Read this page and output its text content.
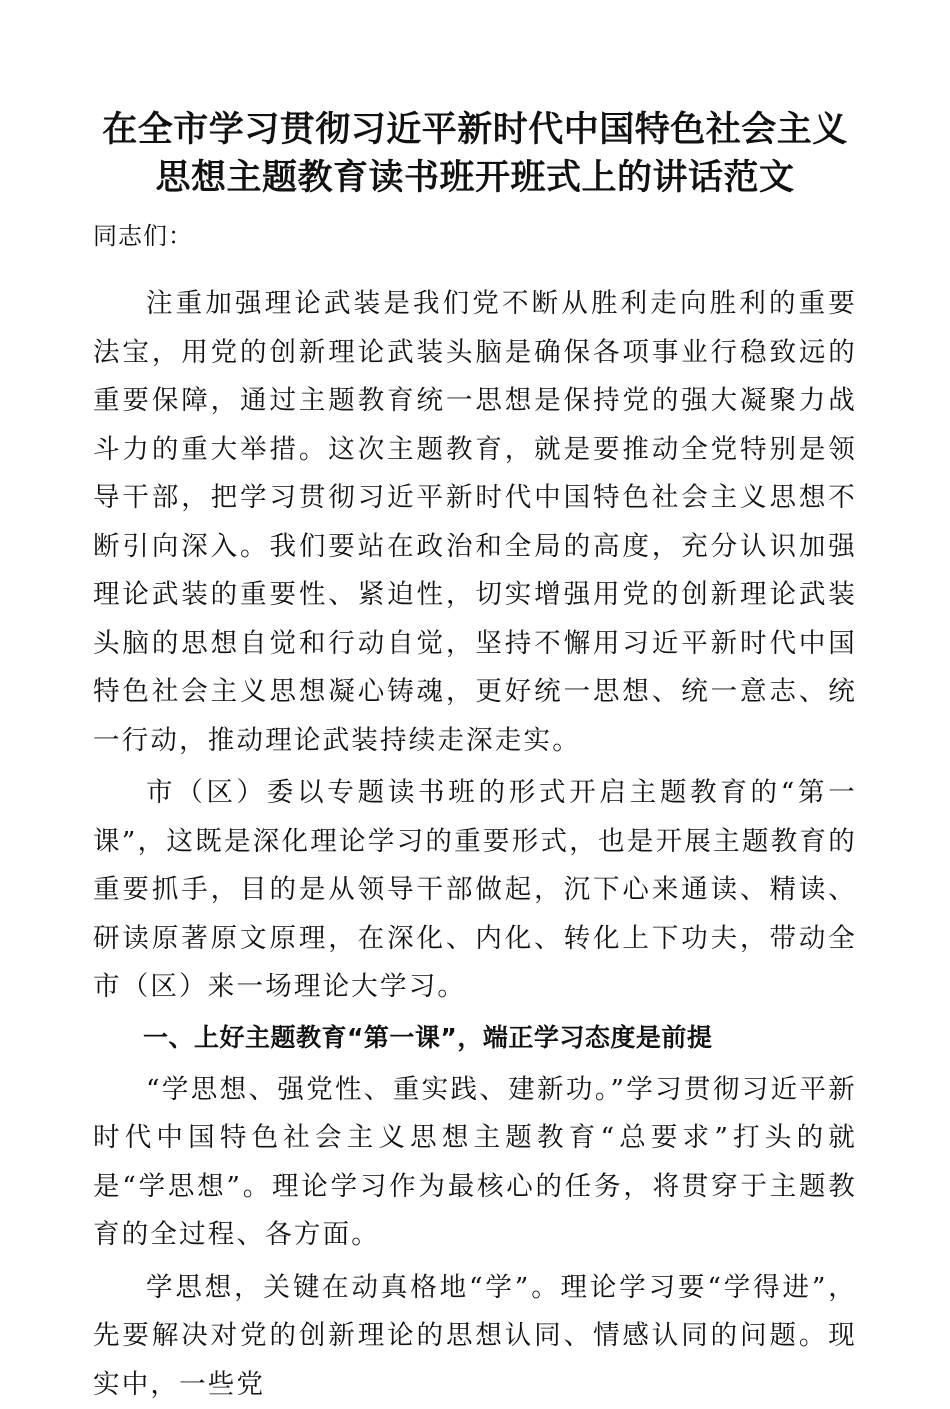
在全市学习贯彻习近平新时代中国特色社会主义
思想主题教育读书班开班式上的讲话范文

同志们：

注重加强理论武装是我们党不断从胜利走向胜利的重要法宝，用党的创新理论武装头脑是确保各项事业行稳致远的重要保障，通过主题教育统一思想是保持党的强大凝聚力战斗力的重大举措。这次主题教育，就是要推动全党特别是领导干部，把学习贯彻习近平新时代中国特色社会主义思想不断引向深入。我们要站在政治和全局的高度，充分认识加强理论武装的重要性、紧迫性，切实增强用党的创新理论武装头脑的思想自觉和行动自觉，坚持不懈用习近平新时代中国特色社会主义思想凝心铸魂，更好统一思想、统一意志、统一行动，推动理论武装持续走深走实。

市（区）委以专题读书班的形式开启主题教育的“第一课”，这既是深化理论学习的重要形式，也是开展主题教育的重要抓手，目的是从领导干部做起，沉下心来通读、精读、研读原著原文原理，在深化、内化、转化上下功夫，带动全市（区）来一场理论大学习。

一、上好主题教育“第一课”，端正学习态度是前提

“学思想、强党性、重实践、建新功。”学习贯彻习近平新时代中国特色社会主义思想主题教育“总要求”打头的就是“学思想”。理论学习作为最核心的任务，将贯穿于主题教育的全过程、各方面。

学思想，关键在动真格地“学”。理论学习要“学得进”，先要解决对党的创新理论的思想认同、情感认同的问题。现实中，一些党
